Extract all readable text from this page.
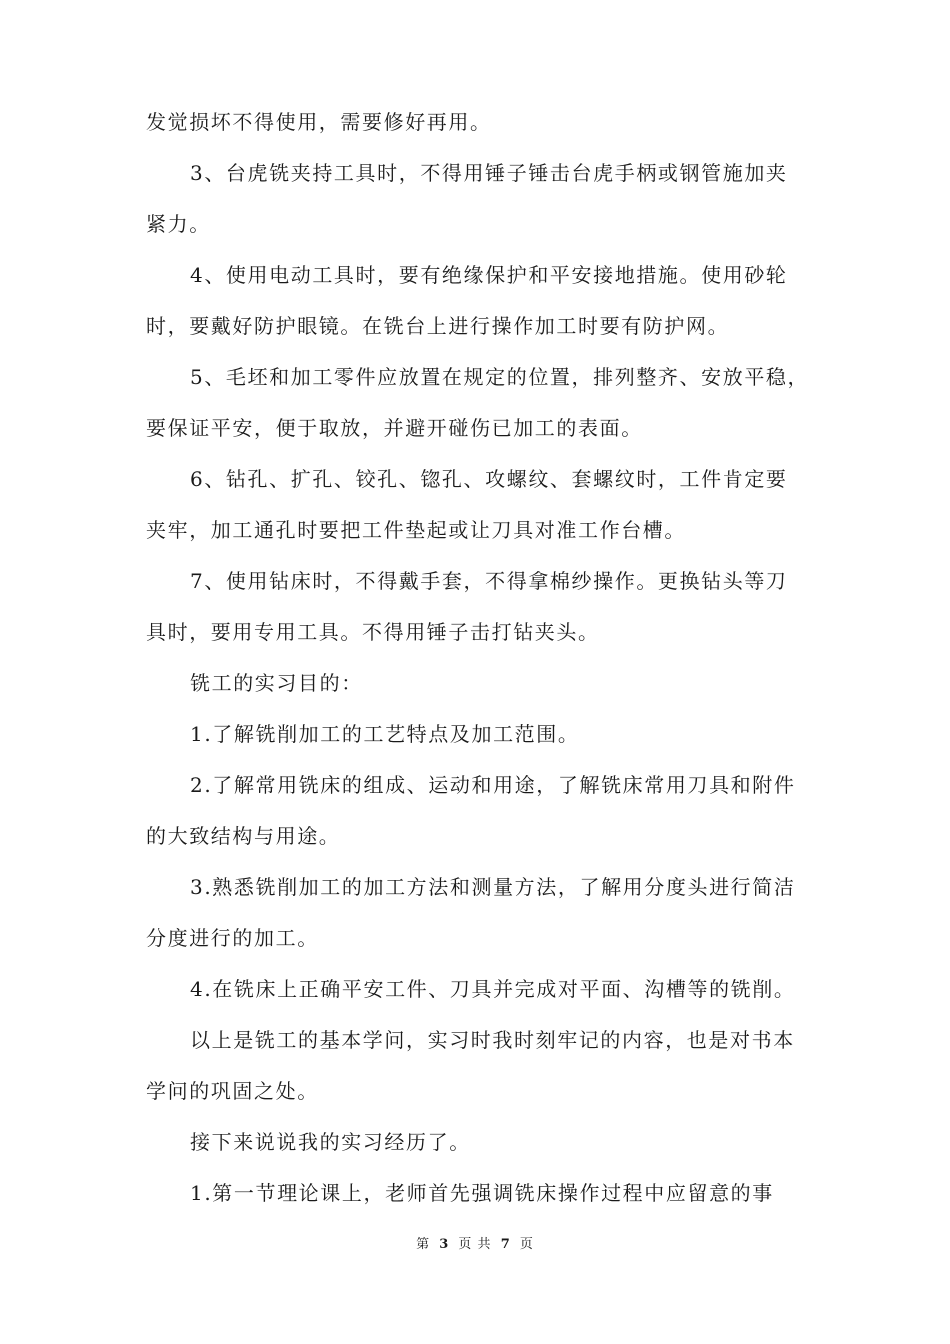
发觉损坏不得使用，需要修好再用。

3、台虎铣夹持工具时，不得用锤子锤击台虎手柄或钢管施加夹

紧力。

4、使用电动工具时，要有绝缘保护和平安接地措施。使用砂轮

时，要戴好防护眼镜。在铣台上进行操作加工时要有防护网。

5、毛坯和加工零件应放置在规定的位置，排列整齐、安放平稳，

要保证平安，便于取放，并避开碰伤已加工的表面。

6、钻孔、扩孔、铰孔、锪孔、攻螺纹、套螺纹时，工件肯定要

夹牢，加工通孔时要把工件垫起或让刀具对准工作台槽。

7、使用钻床时，不得戴手套，不得拿棉纱操作。更换钻头等刀

具时，要用专用工具。不得用锤子击打钻夹头。

铣工的实习目的：

1.了解铣削加工的工艺特点及加工范围。

2.了解常用铣床的组成、运动和用途，了解铣床常用刀具和附件

的大致结构与用途。

3.熟悉铣削加工的加工方法和测量方法，了解用分度头进行简洁

分度进行的加工。

4.在铣床上正确平安工件、刀具并完成对平面、沟槽等的铣削。

以上是铣工的基本学问，实习时我时刻牢记的内容，也是对书本

学问的巩固之处。

接下来说说我的实习经历了。

1.第一节理论课上，老师首先强调铣床操作过程中应留意的事

第 3 页 共 7 页
